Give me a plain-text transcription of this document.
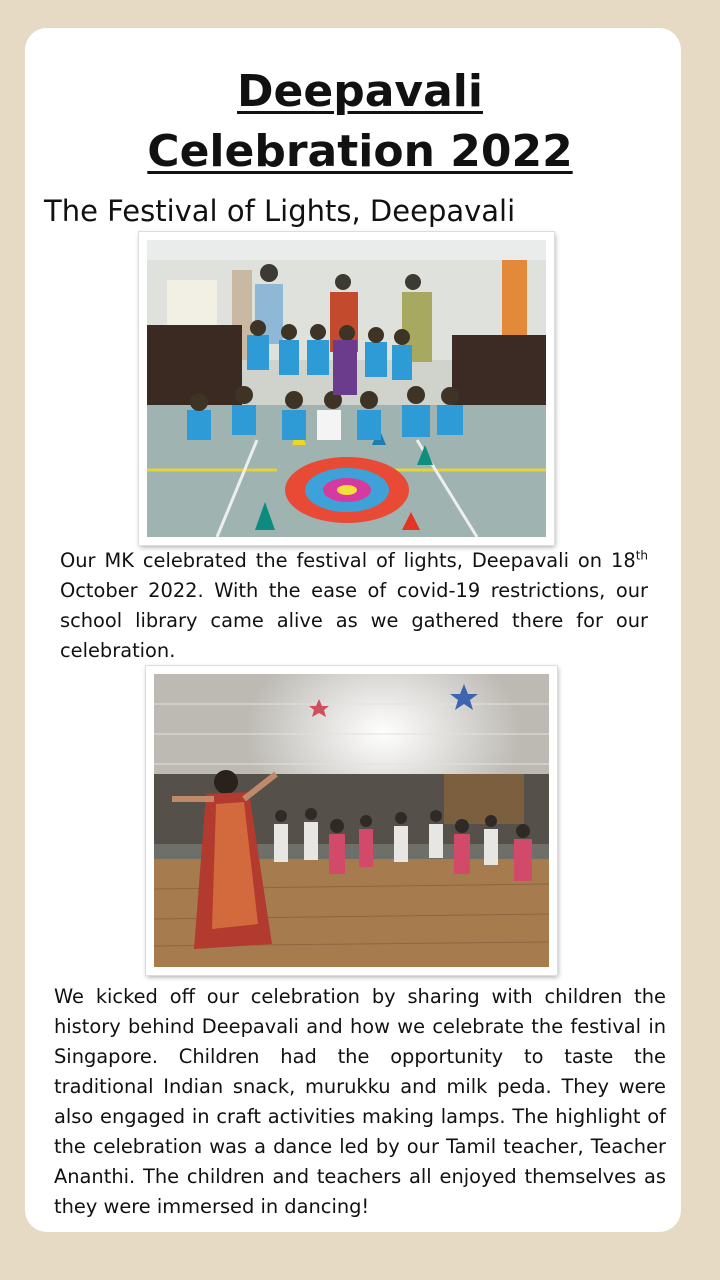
Deepavali
Celebration 2022
The Festival of Lights, Deepavali
Our MK celebrated the festival of lights, Deepavali on 18th October 2022. With the ease of covid-19 restrictions, our school library came alive as we gathered there for our celebration.
We kicked off our celebration by sharing with children the history behind Deepavali and how we celebrate the festival in Singapore. Children had the opportunity to taste the traditional Indian snack, murukku and milk peda. They were also engaged in craft activities making lamps. The highlight of the celebration was a dance led by our Tamil teacher, Teacher Ananthi. The children and teachers all enjoyed themselves as they were immersed in dancing!
